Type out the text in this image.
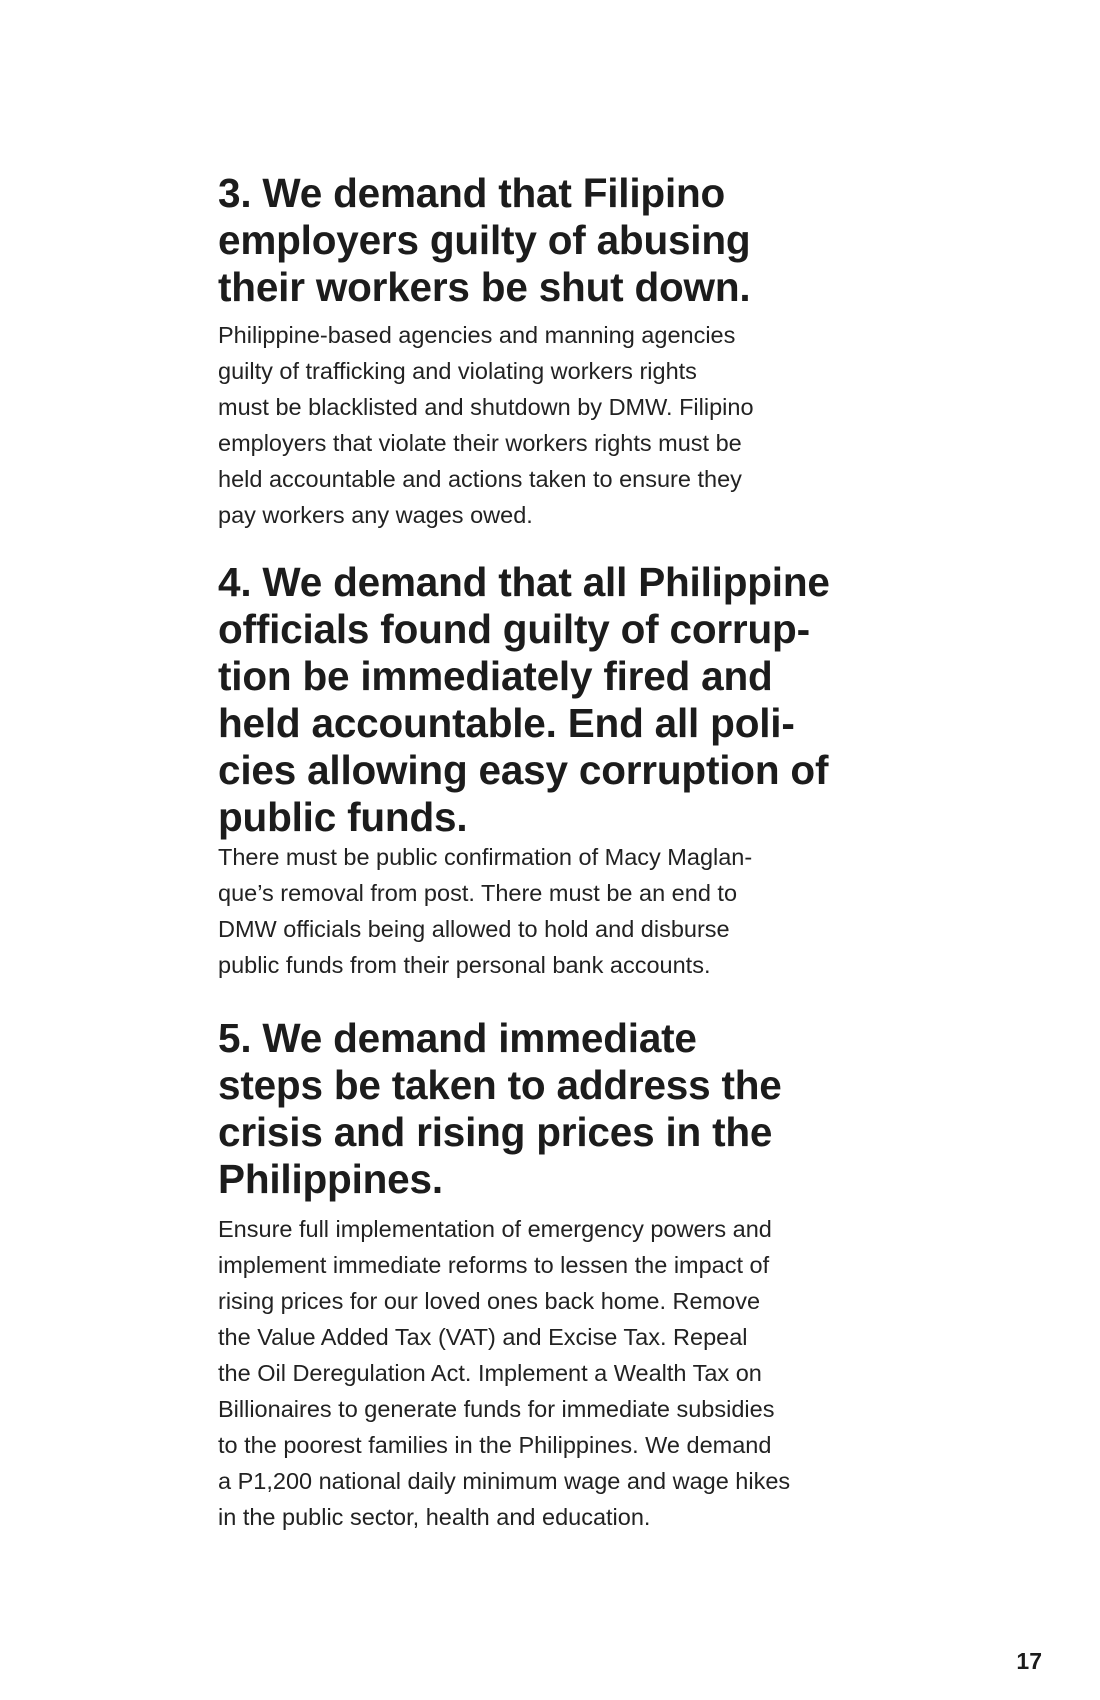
3. We demand that Filipino
employers guilty of abusing
their workers be shut down.

Philippine-based agencies and manning agencies
guilty of trafficking and violating workers rights
must be blacklisted and shutdown by DMW. Filipino
employers that violate their workers rights must be
held accountable and actions taken to ensure they
pay workers any wages owed.

4. We demand that all Philippine
officials found guilty of corrup-
tion be immediately fired and
held accountable. End all poli-
cies allowing easy corruption of
public funds.

There must be public confirmation of Macy Maglan-
que’s removal from post. There must be an end to
DMW officials being allowed to hold and disburse
public funds from their personal bank accounts.

5. We demand immediate
steps be taken to address the
crisis and rising prices in the
Philippines.

Ensure full implementation of emergency powers and
implement immediate reforms to lessen the impact of
rising prices for our loved ones back home. Remove
the Value Added Tax (VAT) and Excise Tax. Repeal
the Oil Deregulation Act. Implement a Wealth Tax on
Billionaires to generate funds for immediate subsidies
to the poorest families in the Philippines. We demand
a P1,200 national daily minimum wage and wage hikes
in the public sector, health and education.

17
